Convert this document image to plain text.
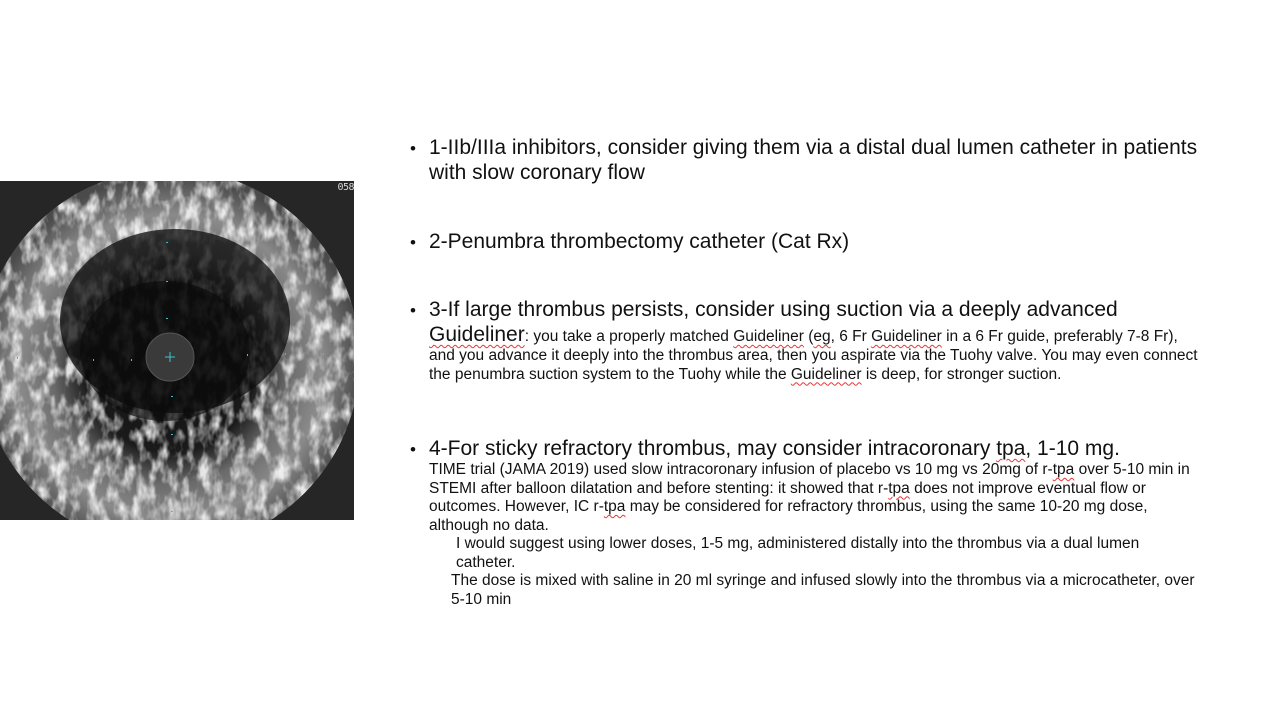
058
• 1-IIb/IIIa inhibitors, consider giving them via a distal dual lumen catheter in patients with slow coronary flow
• 2-Penumbra thrombectomy catheter (Cat Rx)
• 3-If large thrombus persists, consider using suction via a deeply advanced Guideliner: you take a properly matched Guideliner (eg, 6 Fr Guideliner in a 6 Fr guide, preferably 7-8 Fr), and you advance it deeply into the thrombus area, then you aspirate via the Tuohy valve. You may even connect the penumbra suction system to the Tuohy while the Guideliner is deep, for stronger suction.
• 4-For sticky refractory thrombus, may consider intracoronary tpa, 1-10 mg.
TIME trial (JAMA 2019) used slow intracoronary infusion of placebo vs 10 mg vs 20mg of r-tpa over 5-10 min in STEMI after balloon dilatation and before stenting: it showed that r-tpa does not improve eventual flow or outcomes. However, IC r-tpa may be considered for refractory thrombus, using the same 10-20 mg dose, although no data.
I would suggest using lower doses, 1-5 mg, administered distally into the thrombus via a dual lumen catheter.
The dose is mixed with saline in 20 ml syringe and infused slowly into the thrombus via a microcatheter, over 5-10 min
